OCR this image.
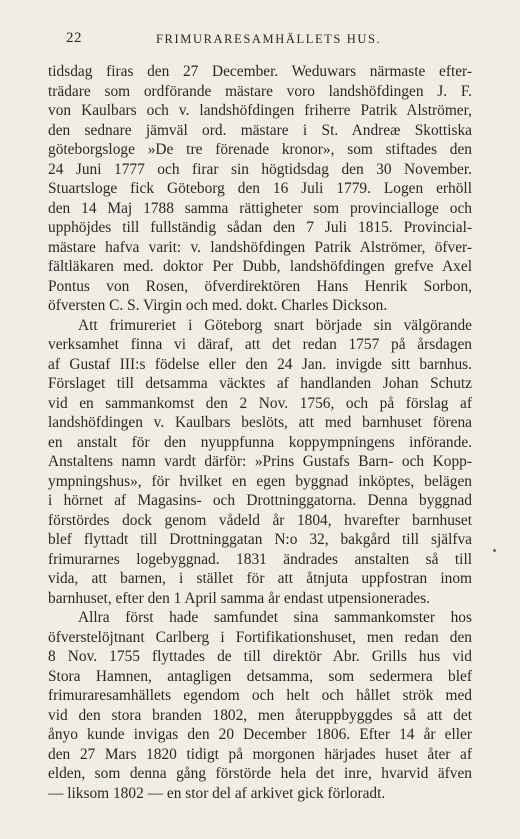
22	FRIMURARESAMHÄLLETS HUS.
tidsdag firas den 27 December. Weduwars närmaste efter-
trädare som ordförande mästare voro landshöfdingen J. F.
von Kaulbars och v. landshöfdingen friherre Patrik Alströmer,
den sednare jämväl ord. mästare i St. Andreæ Skottiska
göteborgsloge »De tre förenade kronor», som stiftades den
24 Juni 1777 och firar sin högtidsdag den 30 November.
Stuartsloge fick Göteborg den 16 Juli 1779. Logen erhöll
den 14 Maj 1788 samma rättigheter som provincialloge och
upphöjdes till fullständig sådan den 7 Juli 1815. Provincial-
mästare hafva varit: v. landshöfdingen Patrik Alströmer, öfver-
fältläkaren med. doktor Per Dubb, landshöfdingen grefve Axel
Pontus von Rosen, öfverdirektören Hans Henrik Sorbon,
öfversten C. S. Virgin och med. dokt. Charles Dickson.
Att frimureriet i Göteborg snart började sin välgörande
verksamhet finna vi däraf, att det redan 1757 på årsdagen
af Gustaf III:s födelse eller den 24 Jan. invigde sitt barnhus.
Förslaget till detsamma väcktes af handlanden Johan Schutz
vid en sammankomst den 2 Nov. 1756, och på förslag af
landshöfdingen v. Kaulbars beslöts, att med barnhuset förena
en anstalt för den nyuppfunna koppympningens införande.
Anstaltens namn vardt därför: »Prins Gustafs Barn- och Kopp-
ympningshus», för hvilket en egen byggnad inköptes, belägen
i hörnet af Magasins- och Drottninggatorna. Denna byggnad
förstördes dock genom vådeld år 1804, hvarefter barnhuset
blef flyttadt till Drottninggatan N:o 32, bakgård till själfva
frimurarnes logebyggnad. 1831 ändrades anstalten så till
vida, att barnen, i stället för att åtnjuta uppfostran inom
barnhuset, efter den 1 April samma år endast utpensionerades.
Allra först hade samfundet sina sammankomster hos
öfverstelöjtnant Carlberg i Fortifikationshuset, men redan den
8 Nov. 1755 flyttades de till direktör Abr. Grills hus vid
Stora Hamnen, antagligen detsamma, som sedermera blef
frimuraresamhällets egendom och helt och hållet strök med
vid den stora branden 1802, men återuppbyggdes så att det
ånyo kunde invigas den 20 December 1806. Efter 14 år eller
den 27 Mars 1820 tidigt på morgonen härjades huset åter af
elden, som denna gång förstörde hela det inre, hvarvid äfven
— liksom 1802 — en stor del af arkivet gick förloradt.
